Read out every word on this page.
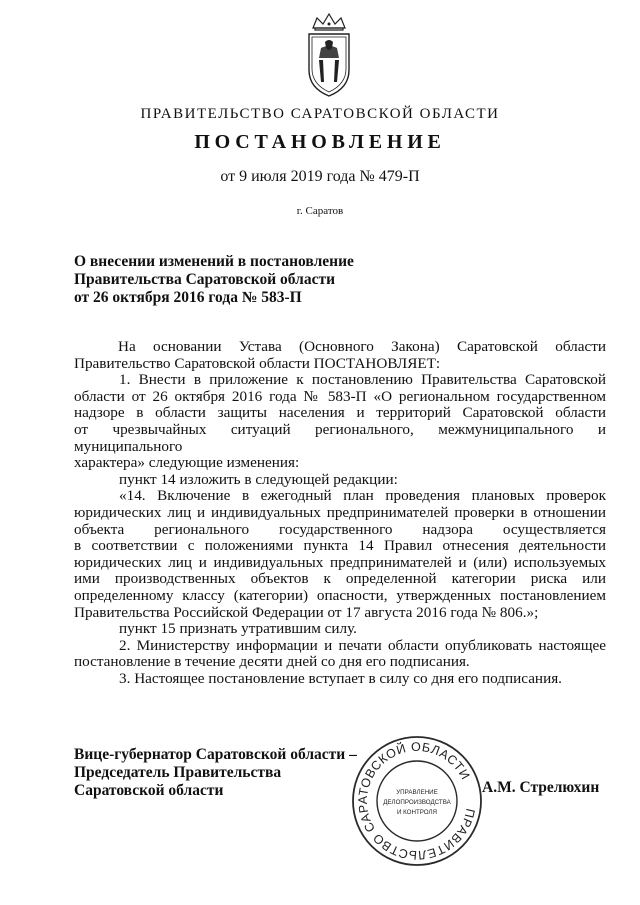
ПРАВИТЕЛЬСТВО САРАТОВСКОЙ ОБЛАСТИ
ПОСТАНОВЛЕНИЕ
от 9 июля 2019 года № 479-П
г. Саратов
О внесении изменений в постановление
Правительства Саратовской области
от 26 октября 2016 года № 583-П

На основании Устава (Основного Закона) Саратовской области

Правительство Саратовской области ПОСТАНОВЛЯЕТ:

1. Внести в приложение к постановлению Правительства Саратовской

области от 26 октября 2016 года № 583-П «О региональном государственном

надзоре в области защиты населения и территорий Саратовской области

от чрезвычайных ситуаций регионального, межмуниципального и муниципального

характера» следующие изменения:

пункт 14 изложить в следующей редакции:

«14. Включение в ежегодный план проведения плановых проверок

юридических лиц и индивидуальных предпринимателей проверки в отношении

объекта регионального государственного надзора осуществляется

в соответствии с положениями пункта 14 Правил отнесения деятельности

юридических лиц и индивидуальных предпринимателей и (или) используемых

ими производственных объектов к определенной категории риска или

определенному классу (категории) опасности, утвержденных постановлением

Правительства Российской Федерации от 17 августа 2016 года № 806.»;

пункт 15 признать утратившим силу.

2. Министерству информации и печати области опубликовать настоящее

постановление в течение десяти дней со дня его подписания.

3. Настоящее постановление вступает в силу со дня его подписания.

Вице-губернатор Саратовской области –
Председатель Правительства
Саратовской области
ПРАВИТЕЛЬСТВО САРАТОВСКОЙ ОБЛАСТИ
УПРАВЛЕНИЕ
ДЕЛОПРОИЗВОДСТВА
И КОНТРОЛЯ
А.М. Стрелюхин
